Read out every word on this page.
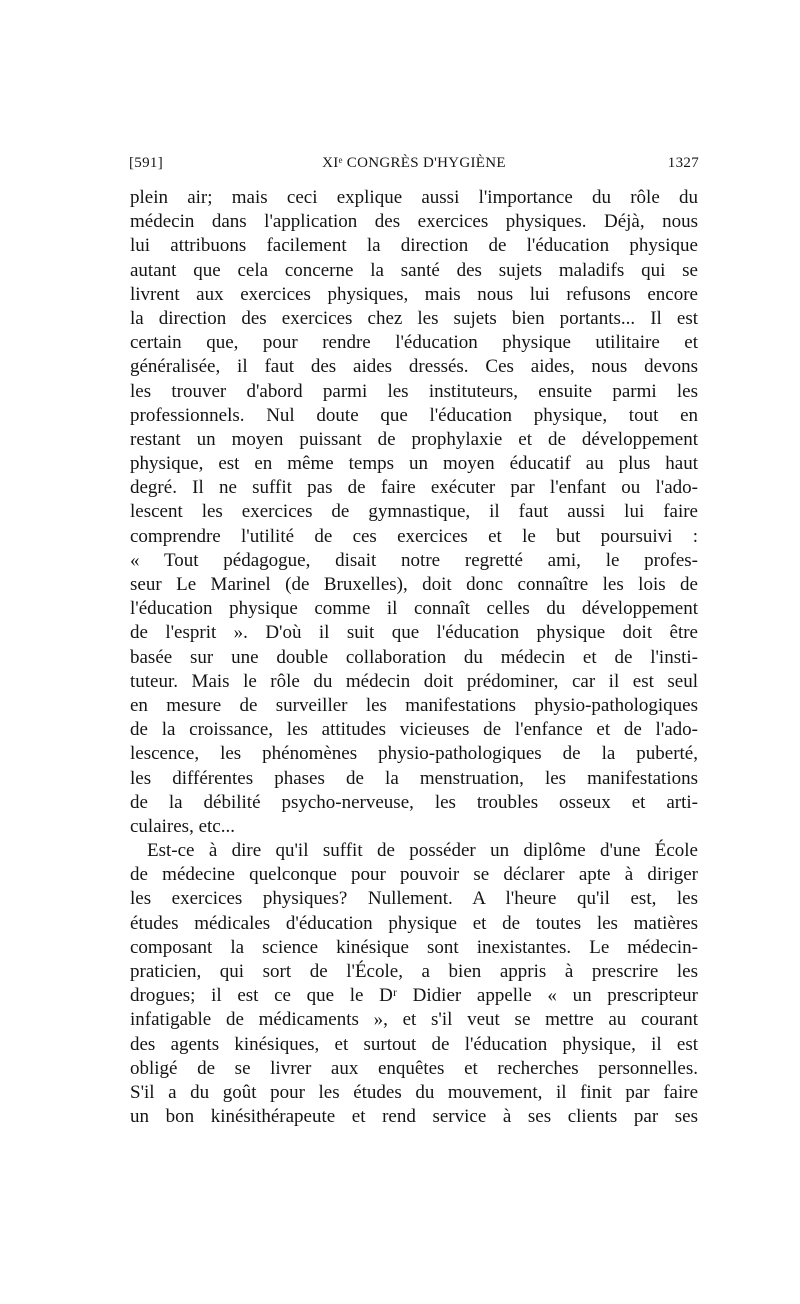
[591]	XIᵉ CONGRÈS D'HYGIÈNE	1327
plein air; mais ceci explique aussi l'importance du rôle du
médecin dans l'application des exercices physiques. Déjà, nous
lui attribuons facilement la direction de l'éducation physique
autant que cela concerne la santé des sujets maladifs qui se
livrent aux exercices physiques, mais nous lui refusons encore
la direction des exercices chez les sujets bien portants... Il est
certain que, pour rendre l'éducation physique utilitaire et
généralisée, il faut des aides dressés. Ces aides, nous devons
les trouver d'abord parmi les instituteurs, ensuite parmi les
professionnels. Nul doute que l'éducation physique, tout en
restant un moyen puissant de prophylaxie et de développement
physique, est en même temps un moyen éducatif au plus haut
degré. Il ne suffit pas de faire exécuter par l'enfant ou l'ado-
lescent les exercices de gymnastique, il faut aussi lui faire
comprendre l'utilité de ces exercices et le but poursuivi :
« Tout pédagogue, disait notre regretté ami, le profes-
seur Le Marinel (de Bruxelles), doit donc connaître les lois de
l'éducation physique comme il connaît celles du développement
de l'esprit ». D'où il suit que l'éducation physique doit être
basée sur une double collaboration du médecin et de l'insti-
tuteur. Mais le rôle du médecin doit prédominer, car il est seul
en mesure de surveiller les manifestations physio-pathologiques
de la croissance, les attitudes vicieuses de l'enfance et de l'ado-
lescence, les phénomènes physio-pathologiques de la puberté,
les différentes phases de la menstruation, les manifestations
de la débilité psycho-nerveuse, les troubles osseux et arti-
culaires, etc...
Est-ce à dire qu'il suffit de posséder un diplôme d'une École
de médecine quelconque pour pouvoir se déclarer apte à diriger
les exercices physiques? Nullement. A l'heure qu'il est, les
études médicales d'éducation physique et de toutes les matières
composant la science kinésique sont inexistantes. Le médecin-
praticien, qui sort de l'École, a bien appris à prescrire les
drogues; il est ce que le Dʳ Didier appelle « un prescripteur
infatigable de médicaments », et s'il veut se mettre au courant
des agents kinésiques, et surtout de l'éducation physique, il est
obligé de se livrer aux enquêtes et recherches personnelles.
S'il a du goût pour les études du mouvement, il finit par faire
un bon kinésithérapeute et rend service à ses clients par ses
